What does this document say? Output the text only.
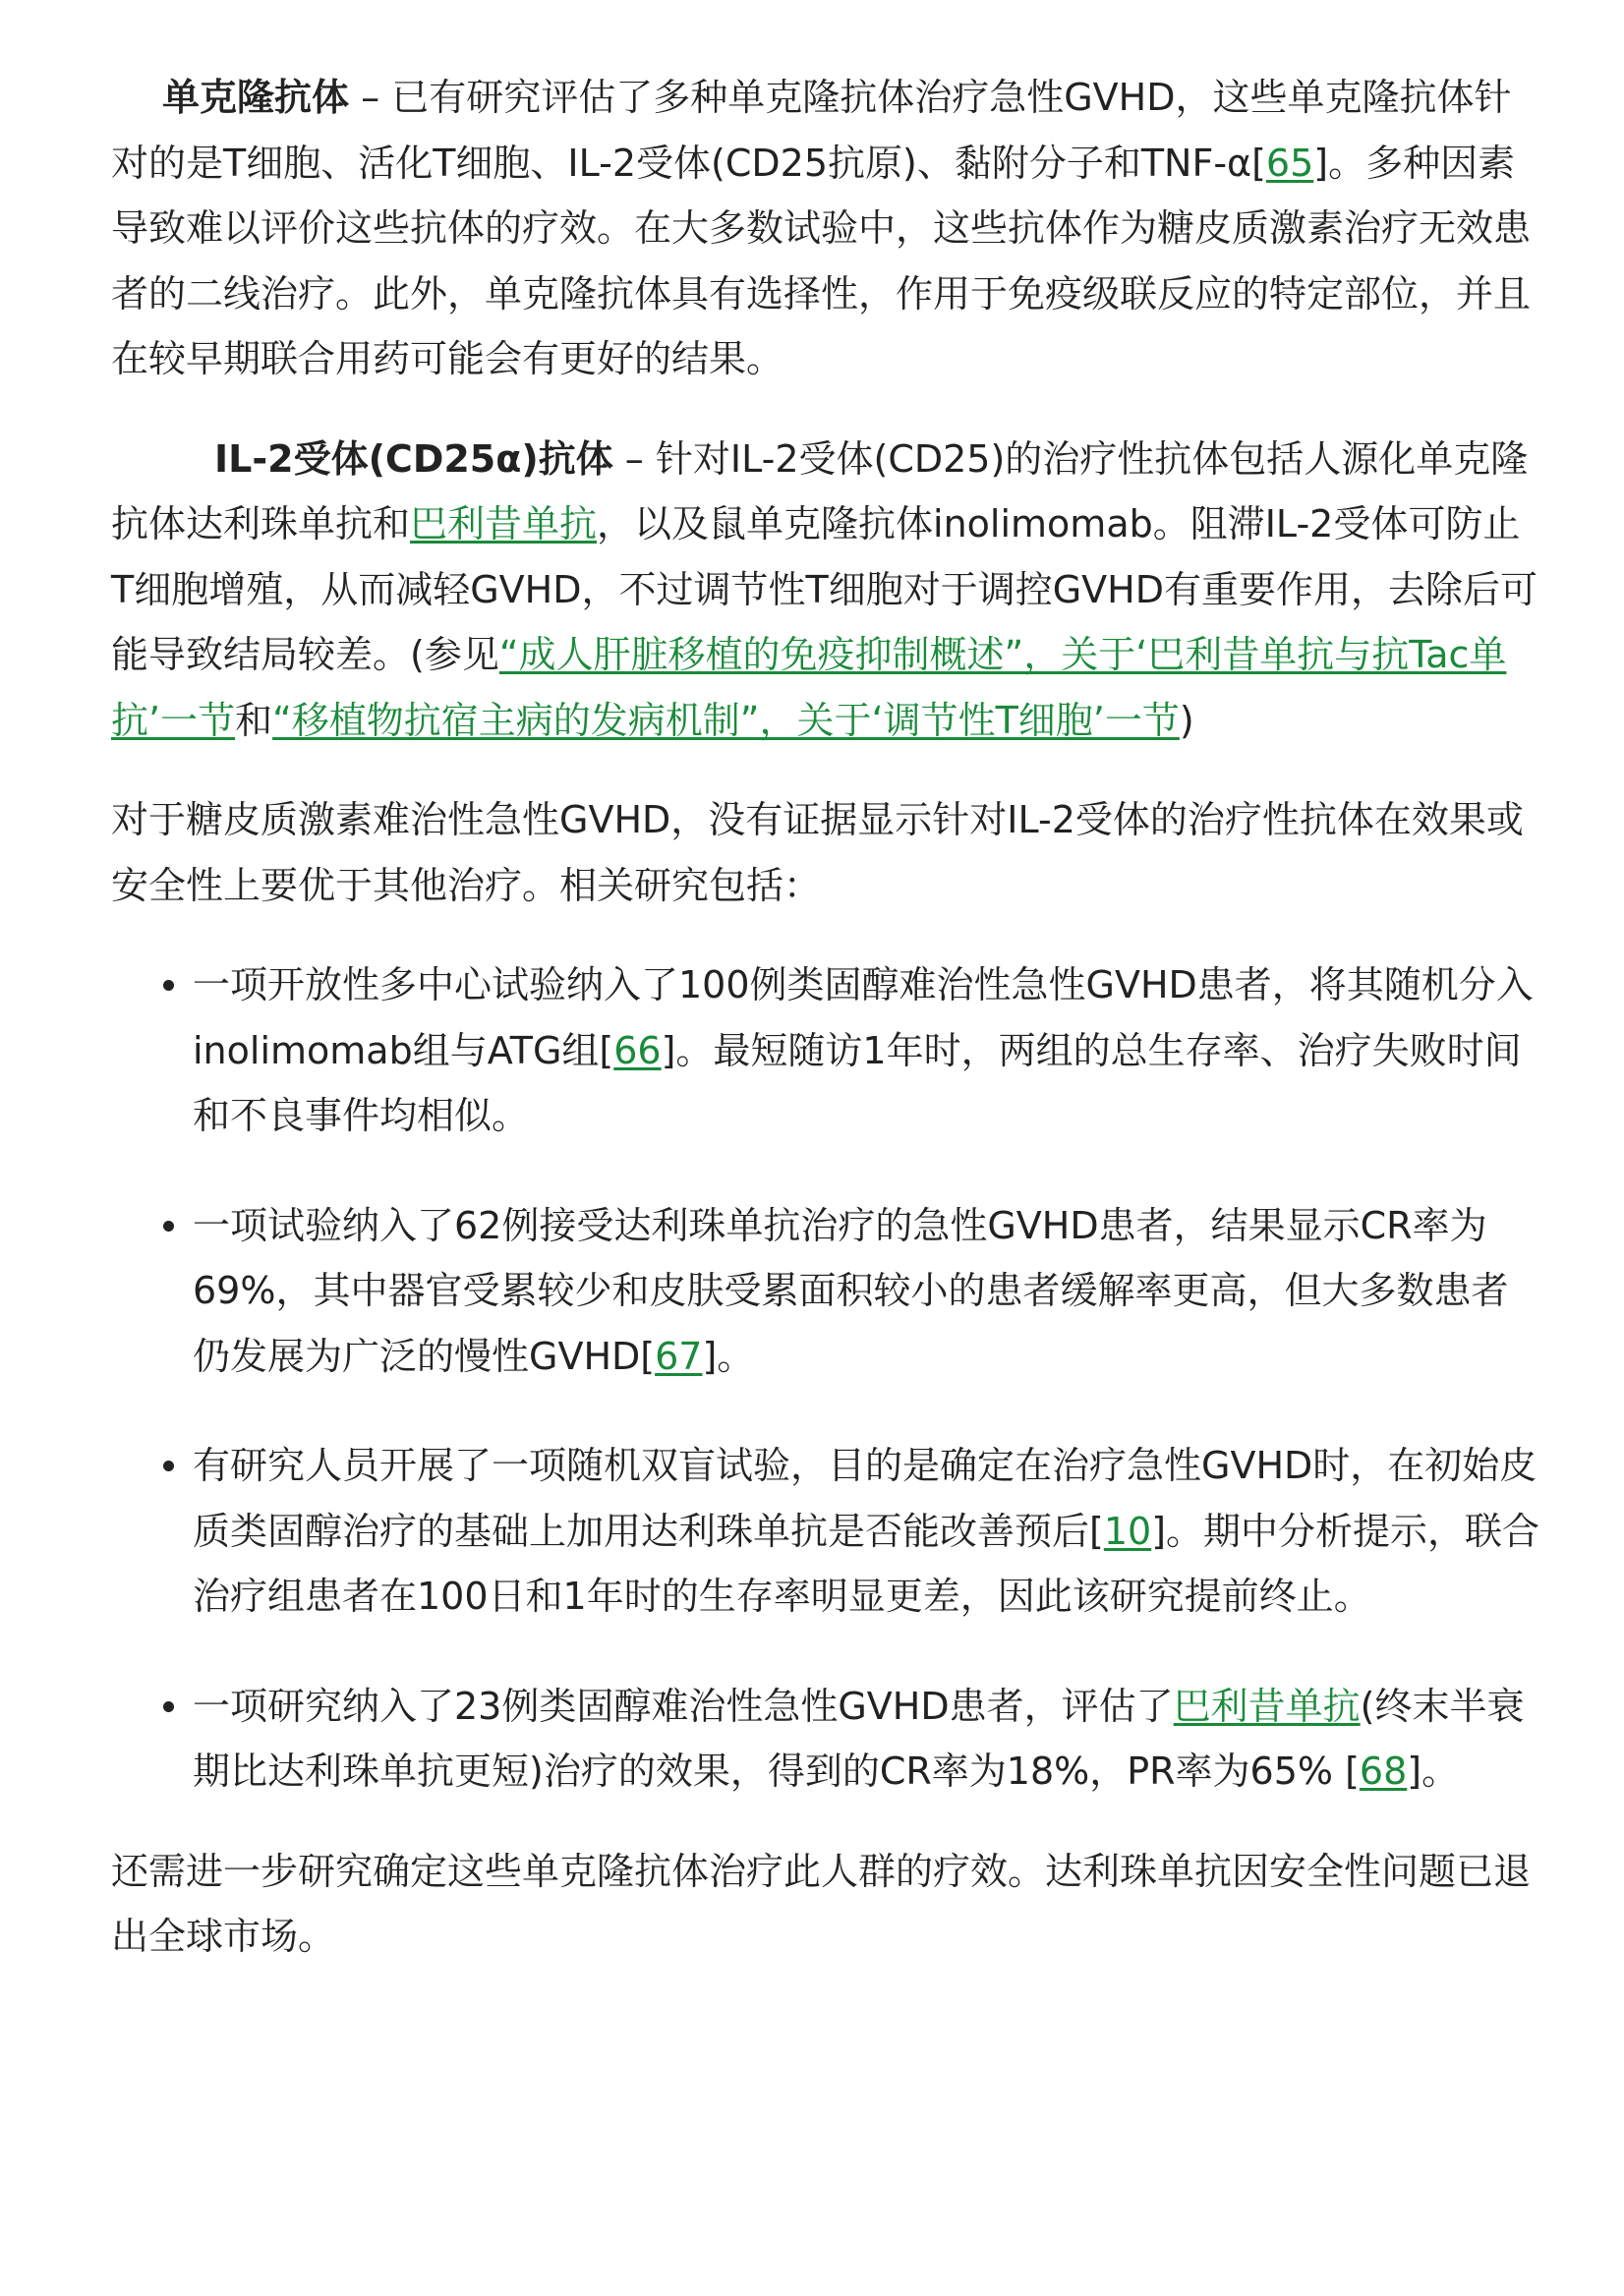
单克隆抗体 – 已有研究评估了多种单克隆抗体治疗急性GVHD，这些单克隆抗体针对的是T细胞、活化T细胞、IL-2受体(CD25抗原)、黏附分子和TNF-α[65]。多种因素导致难以评价这些抗体的疗效。在大多数试验中，这些抗体作为糖皮质激素治疗无效患者的二线治疗。此外，单克隆抗体具有选择性，作用于免疫级联反应的特定部位，并且在较早期联合用药可能会有更好的结果。

IL-2受体(CD25α)抗体 – 针对IL-2受体(CD25)的治疗性抗体包括人源化单克隆抗体达利珠单抗和巴利昔单抗，以及鼠单克隆抗体inolimomab。阻滞IL-2受体可防止T细胞增殖，从而减轻GVHD，不过调节性T细胞对于调控GVHD有重要作用，去除后可能导致结局较差。(参见“成人肝脏移植的免疫抑制概述”，关于‘巴利昔单抗与抗Tac单抗’一节和“移植物抗宿主病的发病机制”，关于‘调节性T细胞’一节)

对于糖皮质激素难治性急性GVHD，没有证据显示针对IL-2受体的治疗性抗体在效果或安全性上要优于其他治疗。相关研究包括：

一项开放性多中心试验纳入了100例类固醇难治性急性GVHD患者，将其随机分入inolimomab组与ATG组[66]。最短随访1年时，两组的总生存率、治疗失败时间和不良事件均相似。
一项试验纳入了62例接受达利珠单抗治疗的急性GVHD患者，结果显示CR率为69%，其中器官受累较少和皮肤受累面积较小的患者缓解率更高，但大多数患者仍发展为广泛的慢性GVHD[67]。
有研究人员开展了一项随机双盲试验，目的是确定在治疗急性GVHD时，在初始皮质类固醇治疗的基础上加用达利珠单抗是否能改善预后[10]。期中分析提示，联合治疗组患者在100日和1年时的生存率明显更差，因此该研究提前终止。
一项研究纳入了23例类固醇难治性急性GVHD患者，评估了巴利昔单抗(终末半衰期比达利珠单抗更短)治疗的效果，得到的CR率为18%，PR率为65% [68]。

还需进一步研究确定这些单克隆抗体治疗此人群的疗效。达利珠单抗因安全性问题已退出全球市场。
